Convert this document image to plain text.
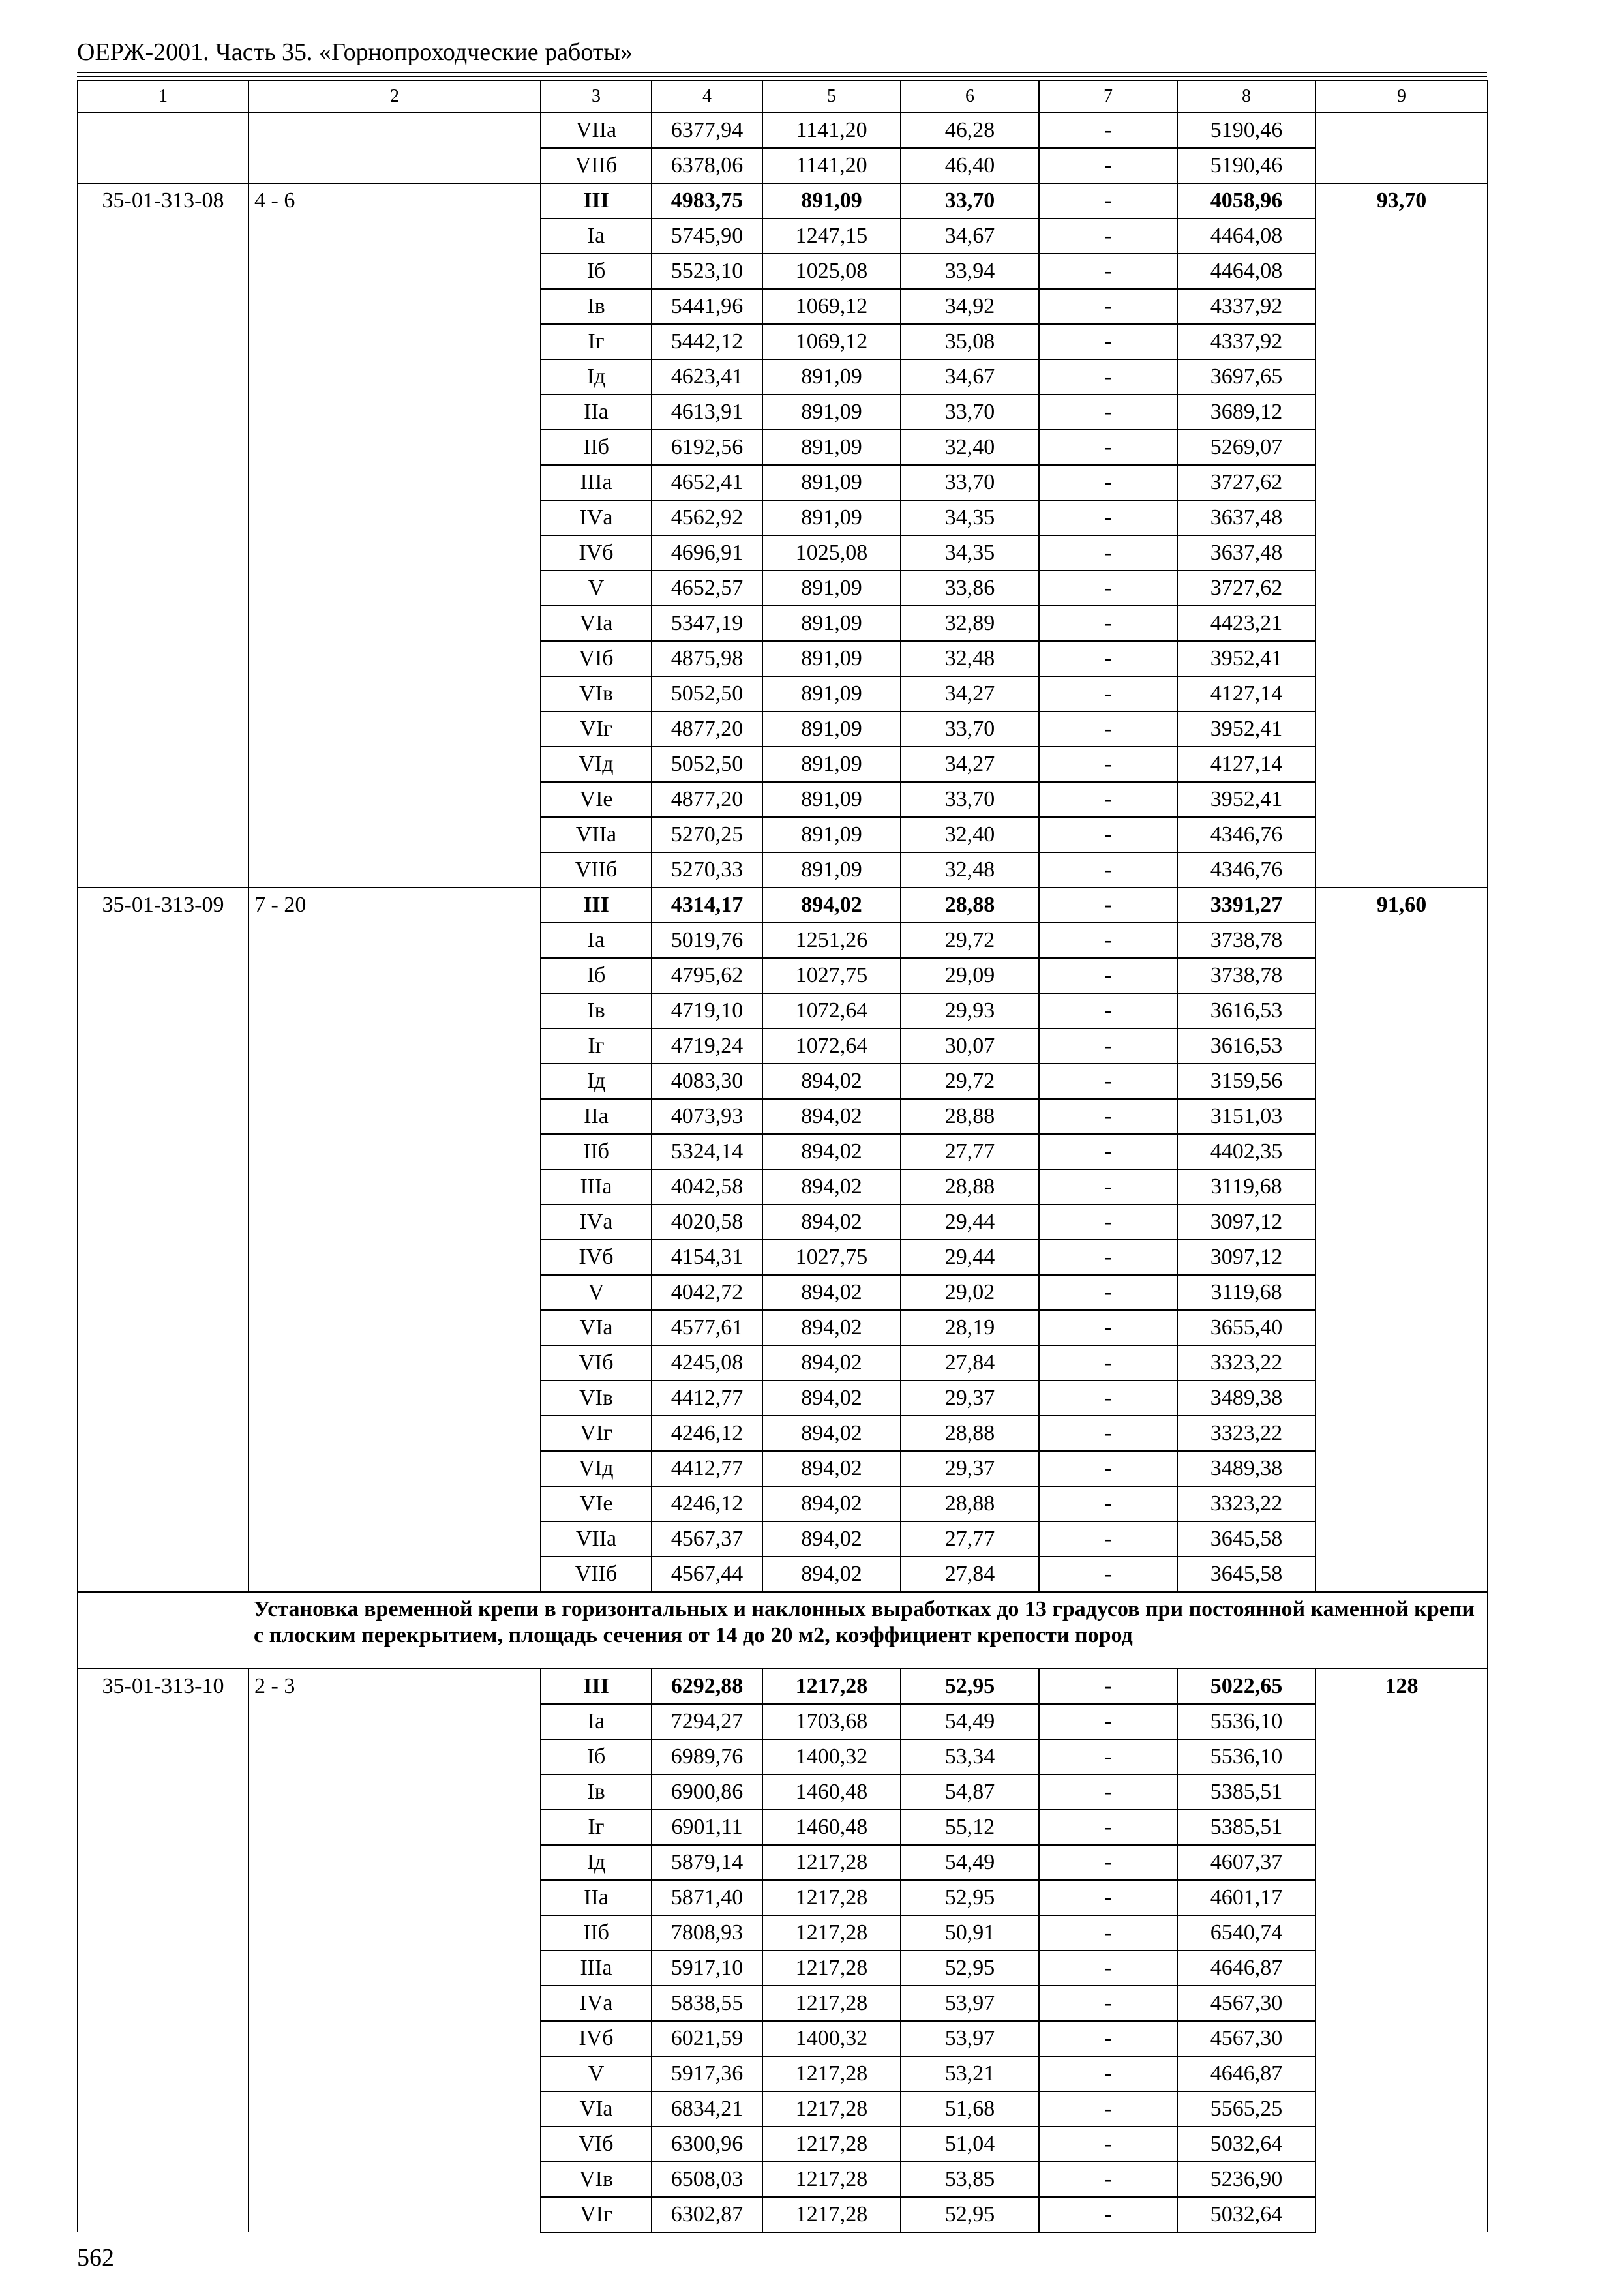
ОЕРЖ-2001. Часть 35. «Горнопроходческие работы»
1	2	3	4	5	6	7	8	9
		VIIа	6377,94	1141,20	46,28	-	5190,46	
		VIIб	6378,06	1141,20	46,40	-	5190,46	
35-01-313-08	4 - 6	III	4983,75	891,09	33,70	-	4058,96	93,70
		Iа	5745,90	1247,15	34,67	-	4464,08	
		Iб	5523,10	1025,08	33,94	-	4464,08	
		Iв	5441,96	1069,12	34,92	-	4337,92	
		Iг	5442,12	1069,12	35,08	-	4337,92	
		Iд	4623,41	891,09	34,67	-	3697,65	
		IIа	4613,91	891,09	33,70	-	3689,12	
		IIб	6192,56	891,09	32,40	-	5269,07	
		IIIа	4652,41	891,09	33,70	-	3727,62	
		IVа	4562,92	891,09	34,35	-	3637,48	
		IVб	4696,91	1025,08	34,35	-	3637,48	
		V	4652,57	891,09	33,86	-	3727,62	
		VIа	5347,19	891,09	32,89	-	4423,21	
		VIб	4875,98	891,09	32,48	-	3952,41	
		VIв	5052,50	891,09	34,27	-	4127,14	
		VIг	4877,20	891,09	33,70	-	3952,41	
		VIд	5052,50	891,09	34,27	-	4127,14	
		VIе	4877,20	891,09	33,70	-	3952,41	
		VIIа	5270,25	891,09	32,40	-	4346,76	
		VIIб	5270,33	891,09	32,48	-	4346,76	
35-01-313-09	7 - 20	III	4314,17	894,02	28,88	-	3391,27	91,60
		Iа	5019,76	1251,26	29,72	-	3738,78	
		Iб	4795,62	1027,75	29,09	-	3738,78	
		Iв	4719,10	1072,64	29,93	-	3616,53	
		Iг	4719,24	1072,64	30,07	-	3616,53	
		Iд	4083,30	894,02	29,72	-	3159,56	
		IIа	4073,93	894,02	28,88	-	3151,03	
		IIб	5324,14	894,02	27,77	-	4402,35	
		IIIа	4042,58	894,02	28,88	-	3119,68	
		IVа	4020,58	894,02	29,44	-	3097,12	
		IVб	4154,31	1027,75	29,44	-	3097,12	
		V	4042,72	894,02	29,02	-	3119,68	
		VIа	4577,61	894,02	28,19	-	3655,40	
		VIб	4245,08	894,02	27,84	-	3323,22	
		VIв	4412,77	894,02	29,37	-	3489,38	
		VIг	4246,12	894,02	28,88	-	3323,22	
		VIд	4412,77	894,02	29,37	-	3489,38	
		VIе	4246,12	894,02	28,88	-	3323,22	
		VIIа	4567,37	894,02	27,77	-	3645,58	
		VIIб	4567,44	894,02	27,84	-	3645,58	
	Установка временной крепи в горизонтальных и наклонных выработках до 13 градусов при постоянной каменной крепи с плоским перекрытием, площадь сечения от 14 до 20 м2, коэффициент крепости пород							
35-01-313-10	2 - 3	III	6292,88	1217,28	52,95	-	5022,65	128
		Iа	7294,27	1703,68	54,49	-	5536,10	
		Iб	6989,76	1400,32	53,34	-	5536,10	
		Iв	6900,86	1460,48	54,87	-	5385,51	
		Iг	6901,11	1460,48	55,12	-	5385,51	
		Iд	5879,14	1217,28	54,49	-	4607,37	
		IIа	5871,40	1217,28	52,95	-	4601,17	
		IIб	7808,93	1217,28	50,91	-	6540,74	
		IIIа	5917,10	1217,28	52,95	-	4646,87	
		IVа	5838,55	1217,28	53,97	-	4567,30	
		IVб	6021,59	1400,32	53,97	-	4567,30	
		V	5917,36	1217,28	53,21	-	4646,87	
		VIа	6834,21	1217,28	51,68	-	5565,25	
		VIб	6300,96	1217,28	51,04	-	5032,64	
		VIв	6508,03	1217,28	53,85	-	5236,90	
		VIг	6302,87	1217,28	52,95	-	5032,64	
562
